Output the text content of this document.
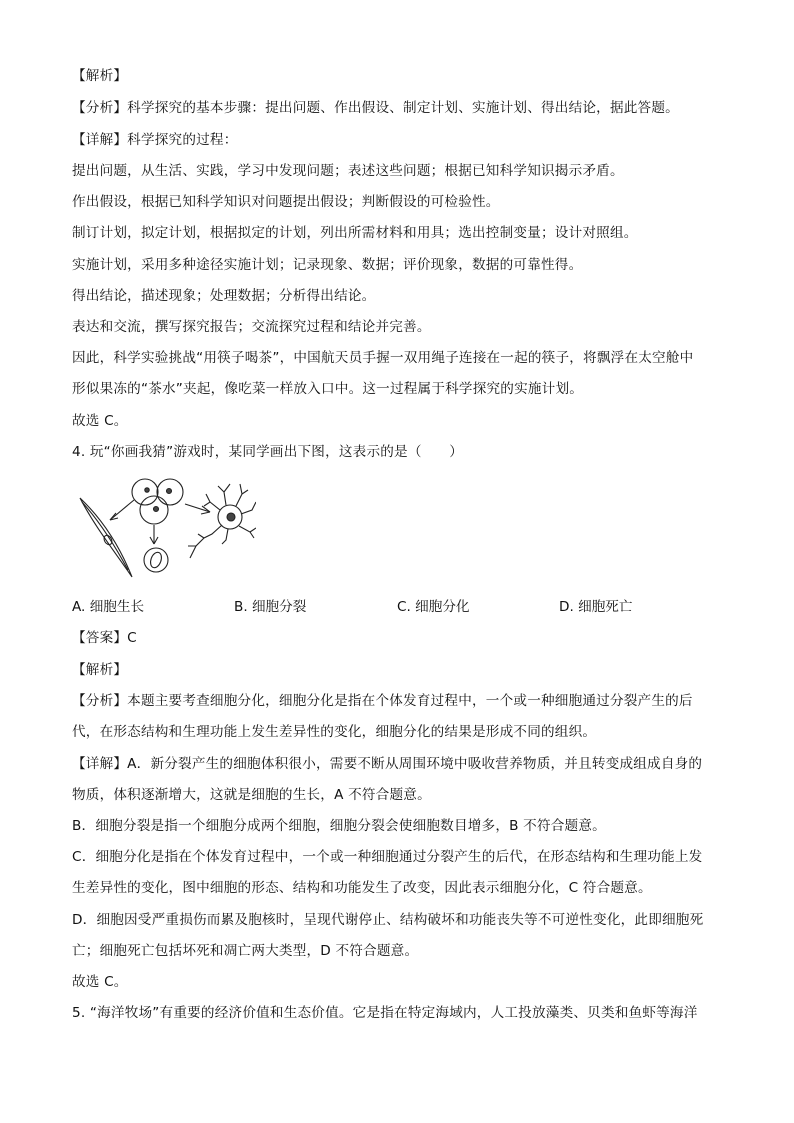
【解析】
【分析】科学探究的基本步骤：提出问题、作出假设、制定计划、实施计划、得出结论，据此答题。
【详解】科学探究的过程：
提出问题，从生活、实践，学习中发现问题；表述这些问题；根据已知科学知识揭示矛盾。
作出假设，根据已知科学知识对问题提出假设；判断假设的可检验性。
制订计划，拟定计划，根据拟定的计划，列出所需材料和用具；选出控制变量；设计对照组。
实施计划，采用多种途径实施计划；记录现象、数据；评价现象，数据的可靠性得。
得出结论，描述现象；处理数据；分析得出结论。
表达和交流，撰写探究报告；交流探究过程和结论并完善。
因此，科学实验挑战“用筷子喝茶”，中国航天员手握一双用绳子连接在一起的筷子，将飘浮在太空舱中
形似果冻的“茶水”夹起，像吃菜一样放入口中。这一过程属于科学探究的实施计划。
故选 C。
4. 玩“你画我猜”游戏时，某同学画出下图，这表示的是（　　）
A. 细胞生长	B. 细胞分裂	C. 细胞分化	D. 细胞死亡
【答案】C
【解析】
【分析】本题主要考查细胞分化，细胞分化是指在个体发育过程中，一个或一种细胞通过分裂产生的后
代，在形态结构和生理功能上发生差异性的变化，细胞分化的结果是形成不同的组织。
【详解】A．新分裂产生的细胞体积很小，需要不断从周围环境中吸收营养物质，并且转变成组成自身的
物质，体积逐渐增大，这就是细胞的生长，A 不符合题意。
B．细胞分裂是指一个细胞分成两个细胞，细胞分裂会使细胞数目增多，B 不符合题意。
C．细胞分化是指在个体发育过程中，一个或一种细胞通过分裂产生的后代，在形态结构和生理功能上发
生差异性的变化，图中细胞的形态、结构和功能发生了改变，因此表示细胞分化，C 符合题意。
D．细胞因受严重损伤而累及胞核时，呈现代谢停止、结构破坏和功能丧失等不可逆性变化，此即细胞死
亡；细胞死亡包括坏死和凋亡两大类型，D 不符合题意。
故选 C。
5. “海洋牧场”有重要的经济价值和生态价值。它是指在特定海域内，人工投放藻类、贝类和鱼虾等海洋
